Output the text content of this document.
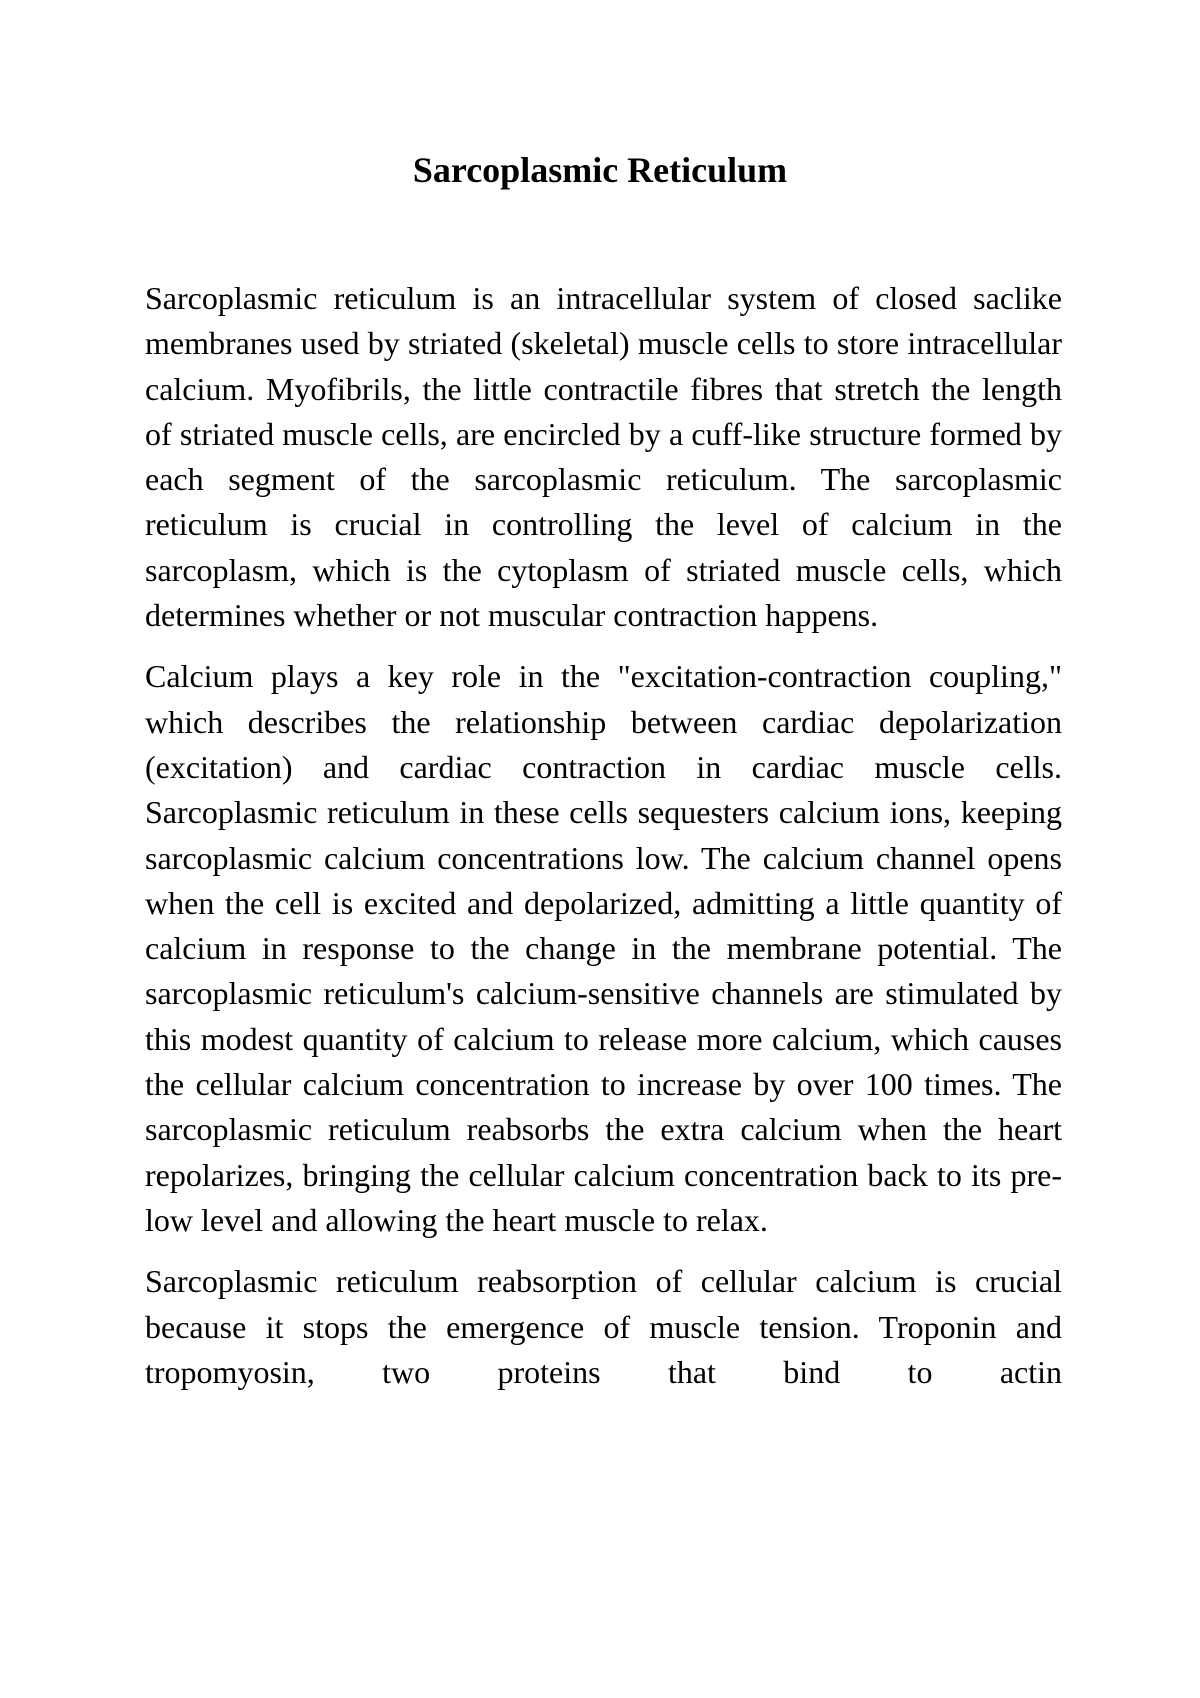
Sarcoplasmic Reticulum

Sarcoplasmic reticulum is an intracellular system of closed saclike membranes used by striated (skeletal) muscle cells to store intracellular calcium. Myofibrils, the little contractile fibres that stretch the length of striated muscle cells, are encircled by a cuff-like structure formed by each segment of the sarcoplasmic reticulum. The sarcoplasmic reticulum is crucial in controlling the level of calcium in the sarcoplasm, which is the cytoplasm of striated muscle cells, which determines whether or not muscular contraction happens.

Calcium plays a key role in the "excitation-contraction coupling," which describes the relationship between cardiac depolarization (excitation) and cardiac contraction in cardiac muscle cells. Sarcoplasmic reticulum in these cells sequesters calcium ions, keeping sarcoplasmic calcium concentrations low. The calcium channel opens when the cell is excited and depolarized, admitting a little quantity of calcium in response to the change in the membrane potential. The sarcoplasmic reticulum's calcium-sensitive channels are stimulated by this modest quantity of calcium to release more calcium, which causes the cellular calcium concentration to increase by over 100 times. The sarcoplasmic reticulum reabsorbs the extra calcium when the heart repolarizes, bringing the cellular calcium concentration back to its pre-low level and allowing the heart muscle to relax.

Sarcoplasmic reticulum reabsorption of cellular calcium is crucial because it stops the emergence of muscle tension. Troponin and tropomyosin, two proteins that bind to actin
